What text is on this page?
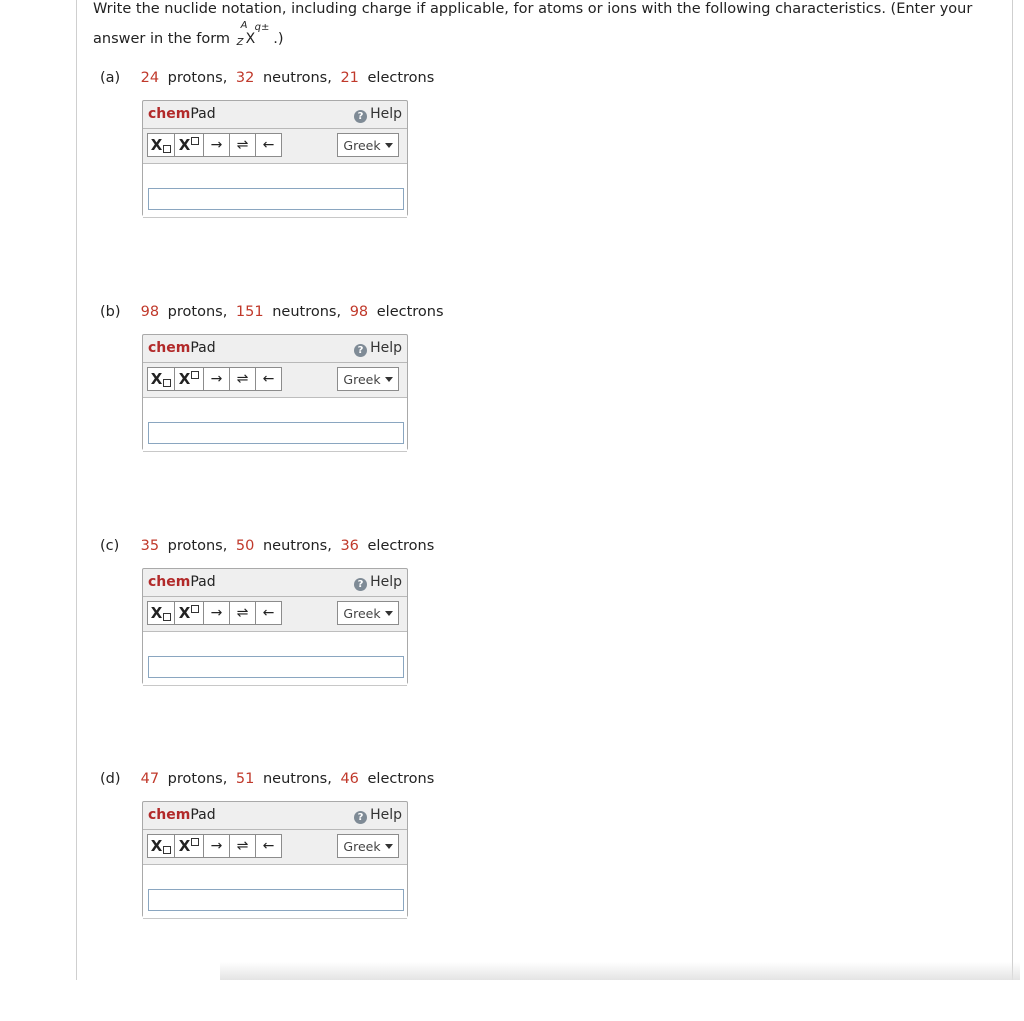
Write the nuclide notation, including charge if applicable, for atoms or ions with the following characteristics. (Enter your
answer in the form
A
Z X
q±
.)
(a) 24 protons, 32 neutrons, 21 electrons
chemPad	? Help
X X	→	⇌	←	Greek
(b) 98 protons, 151 neutrons, 98 electrons
chemPad	? Help
X X	→	⇌	←	Greek
(c) 35 protons, 50 neutrons, 36 electrons
chemPad	? Help
X X	→	⇌	←	Greek
(d) 47 protons, 51 neutrons, 46 electrons
chemPad	? Help
X X	→	⇌	←	Greek
